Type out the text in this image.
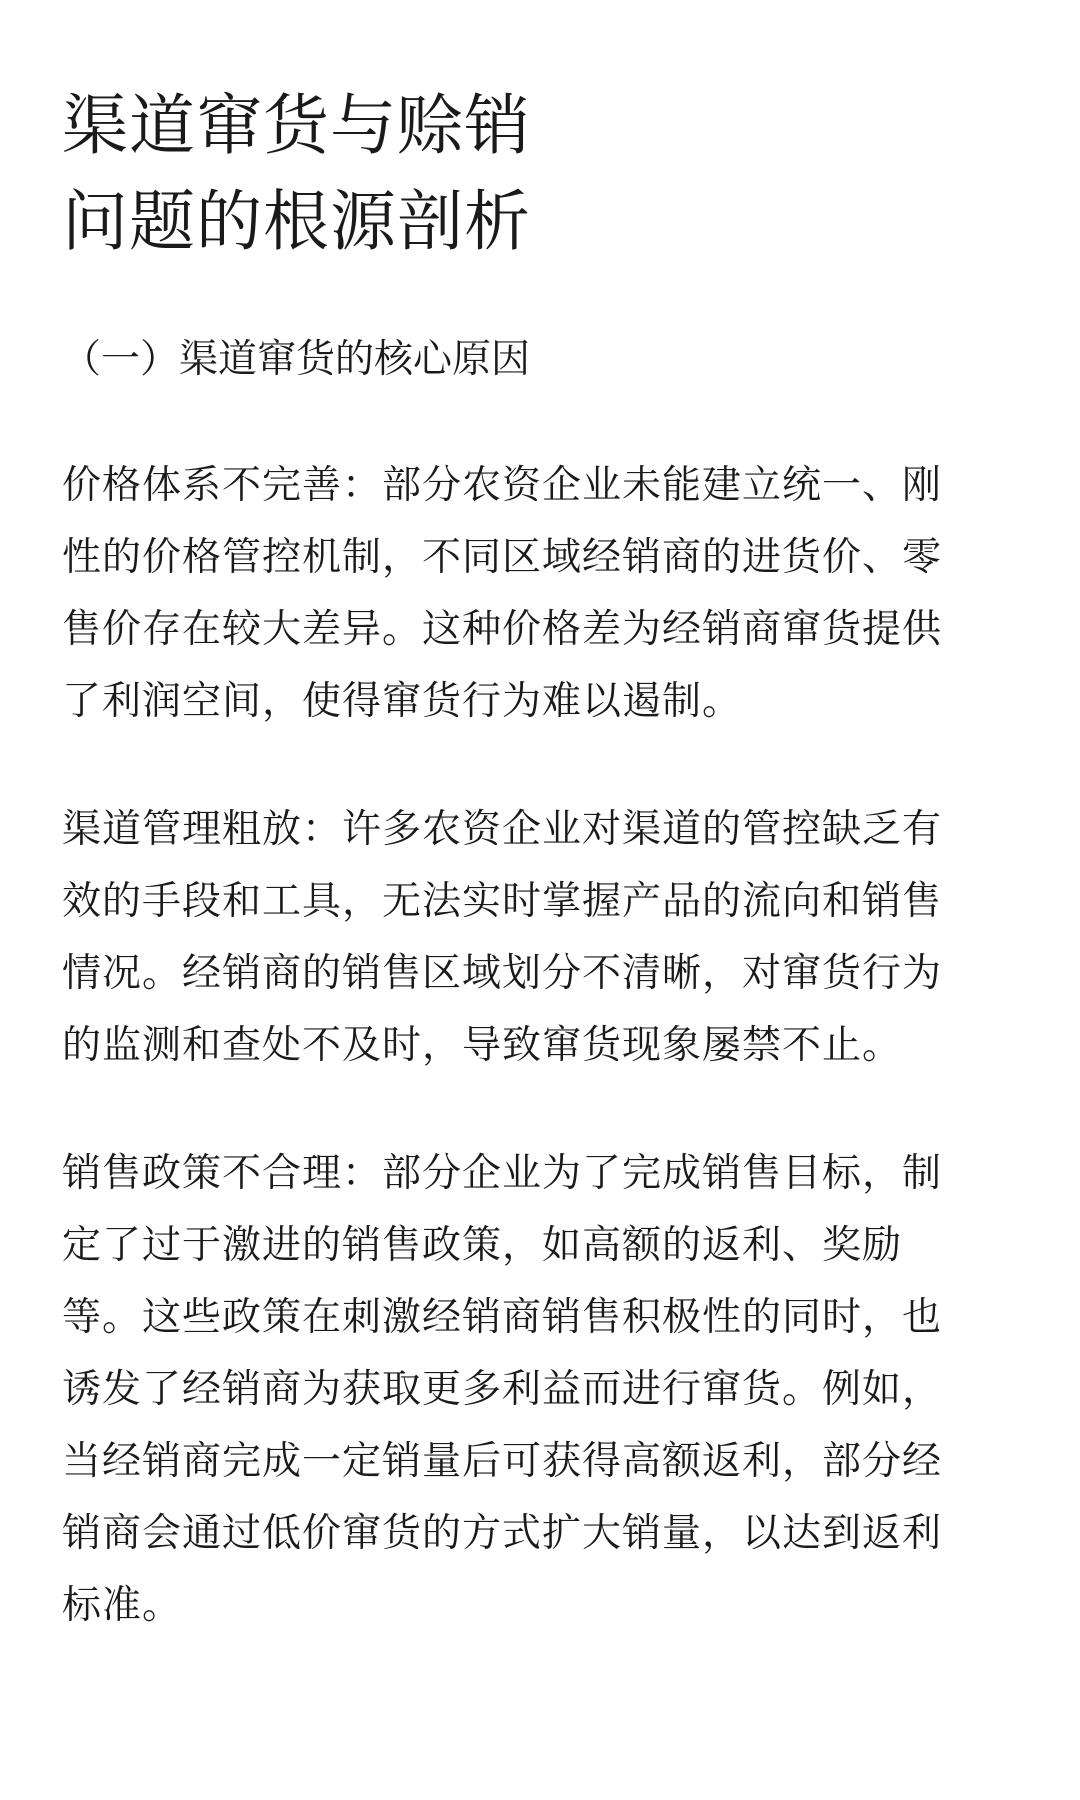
渠道窜货与赊销
问题的根源剖析
（一）渠道窜货的核心原因

价格体系不完善：部分农资企业未能建立统一、刚
性的价格管控机制，不同区域经销商的进货价、零
售价存在较大差异。这种价格差为经销商窜货提供
了利润空间，使得窜货行为难以遏制。

渠道管理粗放：许多农资企业对渠道的管控缺乏有
效的手段和工具，无法实时掌握产品的流向和销售
情况。经销商的销售区域划分不清晰，对窜货行为
的监测和查处不及时，导致窜货现象屡禁不止。

销售政策不合理：部分企业为了完成销售目标，制
定了过于激进的销售政策，如高额的返利、奖励
等。这些政策在刺激经销商销售积极性的同时，也
诱发了经销商为获取更多利益而进行窜货。例如，
当经销商完成一定销量后可获得高额返利，部分经
销商会通过低价窜货的方式扩大销量，以达到返利
标准。
